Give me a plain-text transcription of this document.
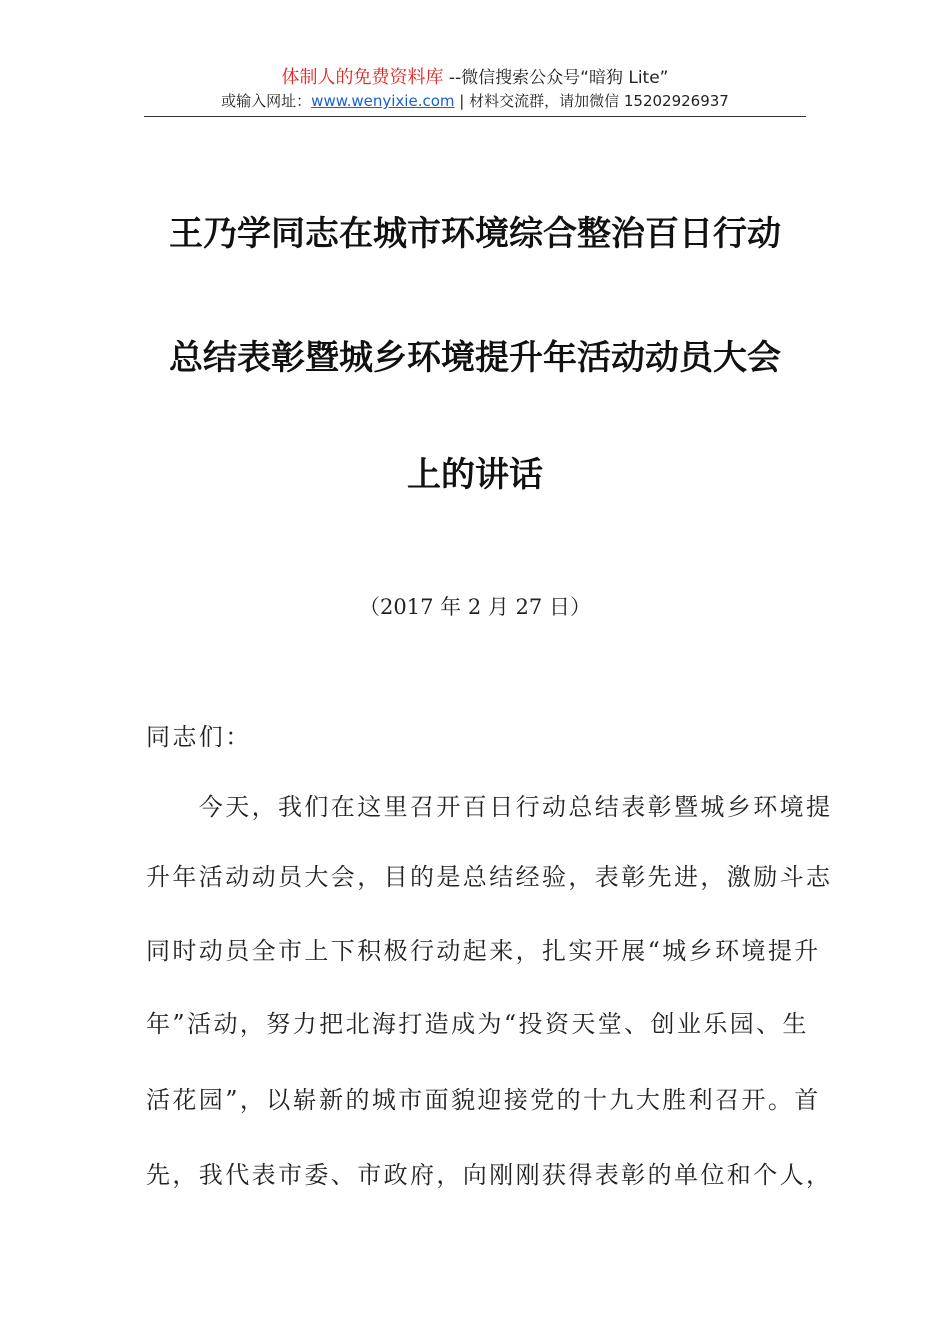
体制人的免费资料库 --微信搜索公众号“暗狗 Lite”
或输入网址：www.wenyixie.com | 材料交流群，请加微信 15202926937
王乃学同志在城市环境综合整治百日行动
总结表彰暨城乡环境提升年活动动员大会
上的讲话
（2017 年 2 月 27 日）
同志们：
　　今天，我们在这里召开百日行动总结表彰暨城乡环境提
升年活动动员大会，目的是总结经验，表彰先进，激励斗志
同时动员全市上下积极行动起来，扎实开展“城乡环境提升
年”活动，努力把北海打造成为“投资天堂、创业乐园、生
活花园”，以崭新的城市面貌迎接党的十九大胜利召开。首
先，我代表市委、市政府，向刚刚获得表彰的单位和个人，
